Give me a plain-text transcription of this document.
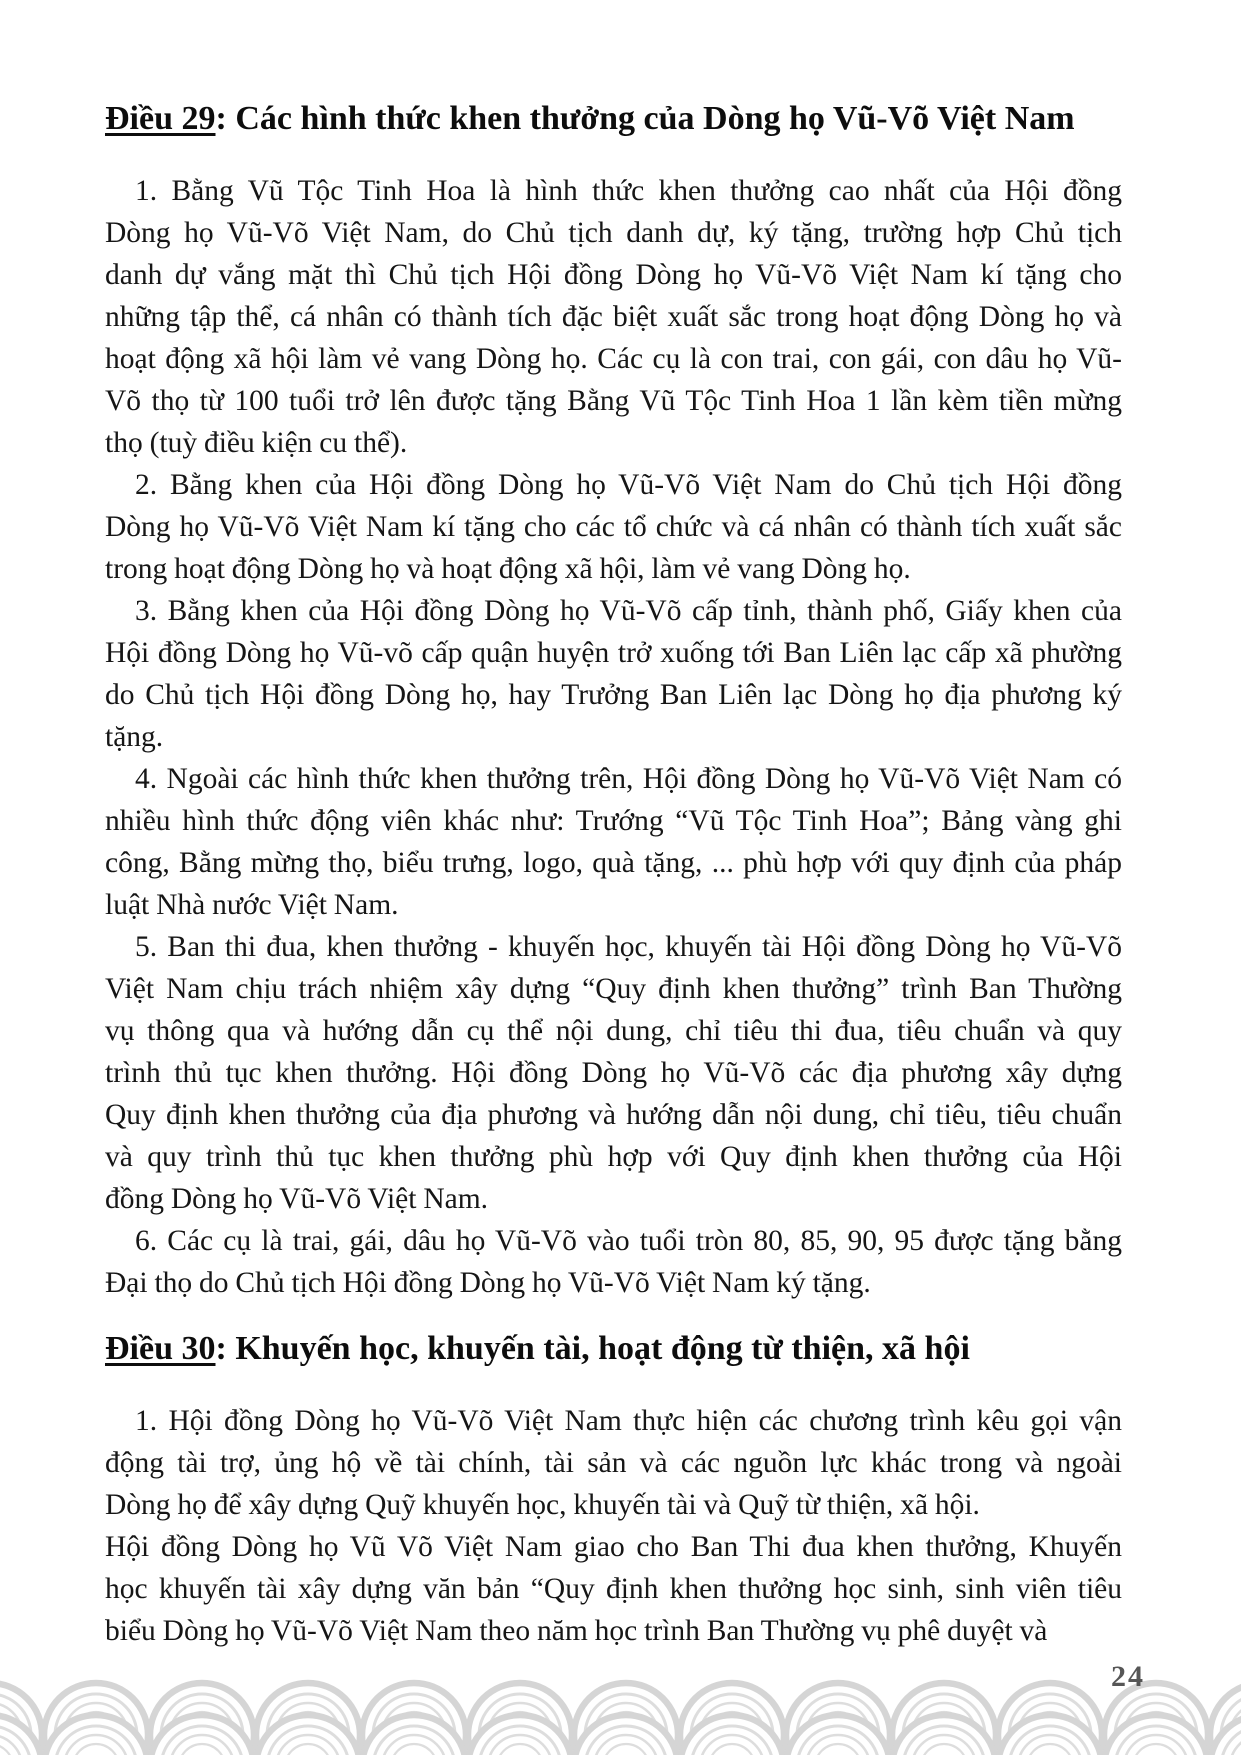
Điều 29: Các hình thức khen thưởng của Dòng họ Vũ-Võ Việt Nam
1. Bằng Vũ Tộc Tinh Hoa là hình thức khen thưởng cao nhất của Hội đồng
Dòng họ Vũ-Võ Việt Nam, do Chủ tịch danh dự, ký tặng, trường hợp Chủ tịch
danh dự vắng mặt thì Chủ tịch Hội đồng Dòng họ Vũ-Võ Việt Nam kí tặng cho
những tập thể, cá nhân có thành tích đặc biệt xuất sắc trong hoạt động Dòng họ và
hoạt động xã hội làm vẻ vang Dòng họ. Các cụ là con trai, con gái, con dâu họ Vũ-
Võ thọ từ 100 tuổi trở lên được tặng Bằng Vũ Tộc Tinh Hoa 1 lần kèm tiền mừng
thọ (tuỳ điều kiện cu thể).
2. Bằng khen của Hội đồng Dòng họ Vũ-Võ Việt Nam do Chủ tịch Hội đồng
Dòng họ Vũ-Võ Việt Nam kí tặng cho các tổ chức và cá nhân có thành tích xuất sắc
trong hoạt động Dòng họ và hoạt động xã hội, làm vẻ vang Dòng họ.
3. Bằng khen của Hội đồng Dòng họ Vũ-Võ cấp tỉnh, thành phố, Giấy khen của
Hội đồng Dòng họ Vũ-võ cấp quận huyện trở xuống tới Ban Liên lạc cấp xã phường
do Chủ tịch Hội đồng Dòng họ, hay Trưởng Ban Liên lạc Dòng họ địa phương ký
tặng.
4. Ngoài các hình thức khen thưởng trên, Hội đồng Dòng họ Vũ-Võ Việt Nam có
nhiều hình thức động viên khác như: Trướng “Vũ Tộc Tinh Hoa”; Bảng vàng ghi
công, Bằng mừng thọ, biểu trưng, logo, quà tặng, ... phù hợp với quy định của pháp
luật Nhà nước Việt Nam.
5. Ban thi đua, khen thưởng - khuyến học, khuyến tài Hội đồng Dòng họ Vũ-Võ
Việt Nam chịu trách nhiệm xây dựng “Quy định khen thưởng” trình Ban Thường
vụ thông qua và hướng dẫn cụ thể nội dung, chỉ tiêu thi đua, tiêu chuẩn và quy
trình thủ tục khen thưởng. Hội đồng Dòng họ Vũ-Võ các địa phương xây dựng
Quy định khen thưởng của địa phương và hướng dẫn nội dung, chỉ tiêu, tiêu chuẩn
và quy trình thủ tục khen thưởng phù hợp với Quy định khen thưởng của Hội
đồng Dòng họ Vũ-Võ Việt Nam.
6. Các cụ là trai, gái, dâu họ Vũ-Võ vào tuổi tròn 80, 85, 90, 95 được tặng bằng
Đại thọ do Chủ tịch Hội đồng Dòng họ Vũ-Võ Việt Nam ký tặng.
Điều 30: Khuyến học, khuyến tài, hoạt động từ thiện, xã hội
1. Hội đồng Dòng họ Vũ-Võ Việt Nam thực hiện các chương trình kêu gọi vận
động tài trợ, ủng hộ về tài chính, tài sản và các nguồn lực khác trong và ngoài
Dòng họ để xây dựng Quỹ khuyến học, khuyến tài và Quỹ từ thiện, xã hội.
Hội đồng Dòng họ Vũ Võ Việt Nam giao cho Ban Thi đua khen thưởng, Khuyến
học khuyến tài xây dựng văn bản “Quy định khen thưởng học sinh, sinh viên tiêu
biểu Dòng họ Vũ-Võ Việt Nam theo năm học trình Ban Thường vụ phê duyệt và
24
